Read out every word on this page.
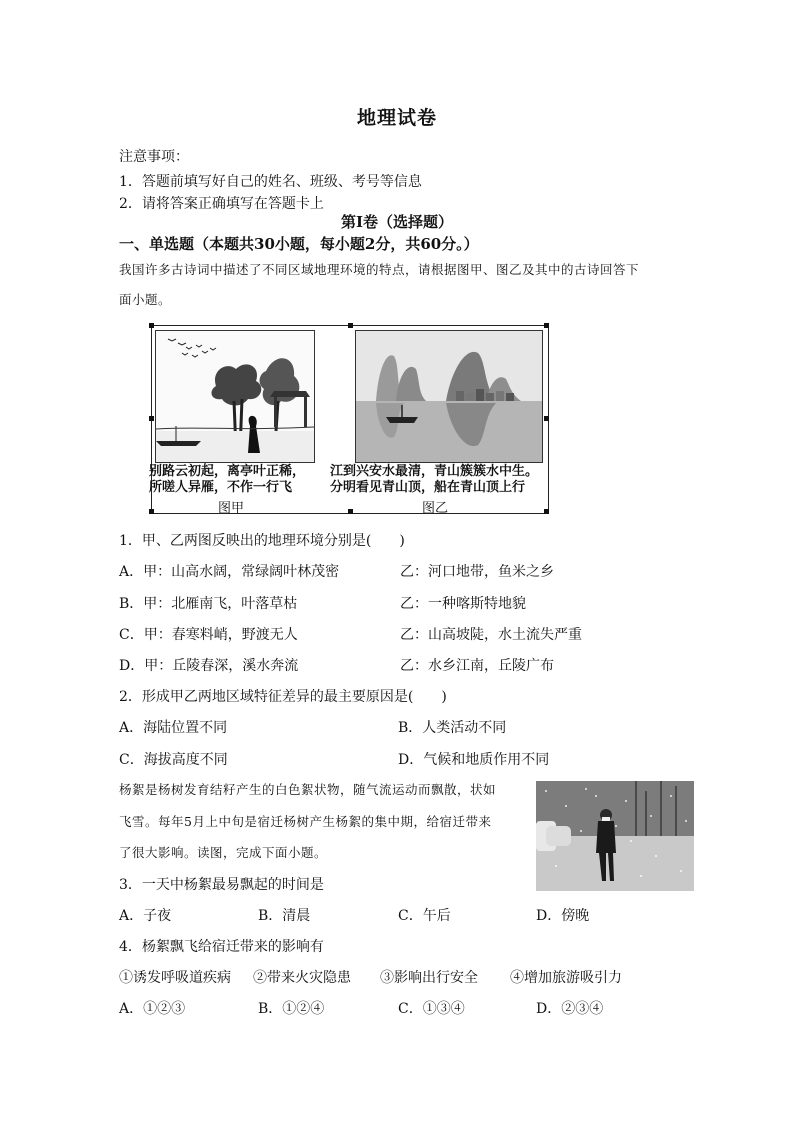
地理试卷
注意事项：
1．答题前填写好自己的姓名、班级、考号等信息
2．请将答案正确填写在答题卡上
第I卷（选择题）
一、单选题（本题共30小题，每小题2分，共60分。）
我国许多古诗词中描述了不同区域地理环境的特点，请根据图甲、图乙及其中的古诗回答下
面小题。
别路云初起，离亭叶正稀，
所嗟人异雁，不作一行飞
图甲
江到兴安水最清，青山簇簇水中生。
分明看见青山顶，船在青山顶上行
图乙
1．甲、乙两图反映出的地理环境分别是(　　)
A．甲：山高水阔，常绿阔叶林茂密	乙：河口地带，鱼米之乡
B．甲：北雁南飞，叶落草枯	乙：一种喀斯特地貌
C．甲：春寒料峭，野渡无人	乙：山高坡陡，水土流失严重
D．甲：丘陵春深，溪水奔流	乙：水乡江南，丘陵广布
2．形成甲乙两地区域特征差异的最主要原因是(　　)
A．海陆位置不同	B．人类活动不同
C．海拔高度不同	D．气候和地质作用不同
杨絮是杨树发育结籽产生的白色絮状物，随气流运动而飘散，状如
飞雪。每年5月上中旬是宿迁杨树产生杨絮的集中期，给宿迁带来
了很大影响。读图，完成下面小题。
3．一天中杨絮最易飘起的时间是
A．子夜	B．清晨	C．午后	D．傍晚
4．杨絮飘飞给宿迁带来的影响有
①诱发呼吸道疾病 ②带来火灾隐患 ③影响出行安全 ④增加旅游吸引力
A．①②③	B．①②④	C．①③④	D．②③④
